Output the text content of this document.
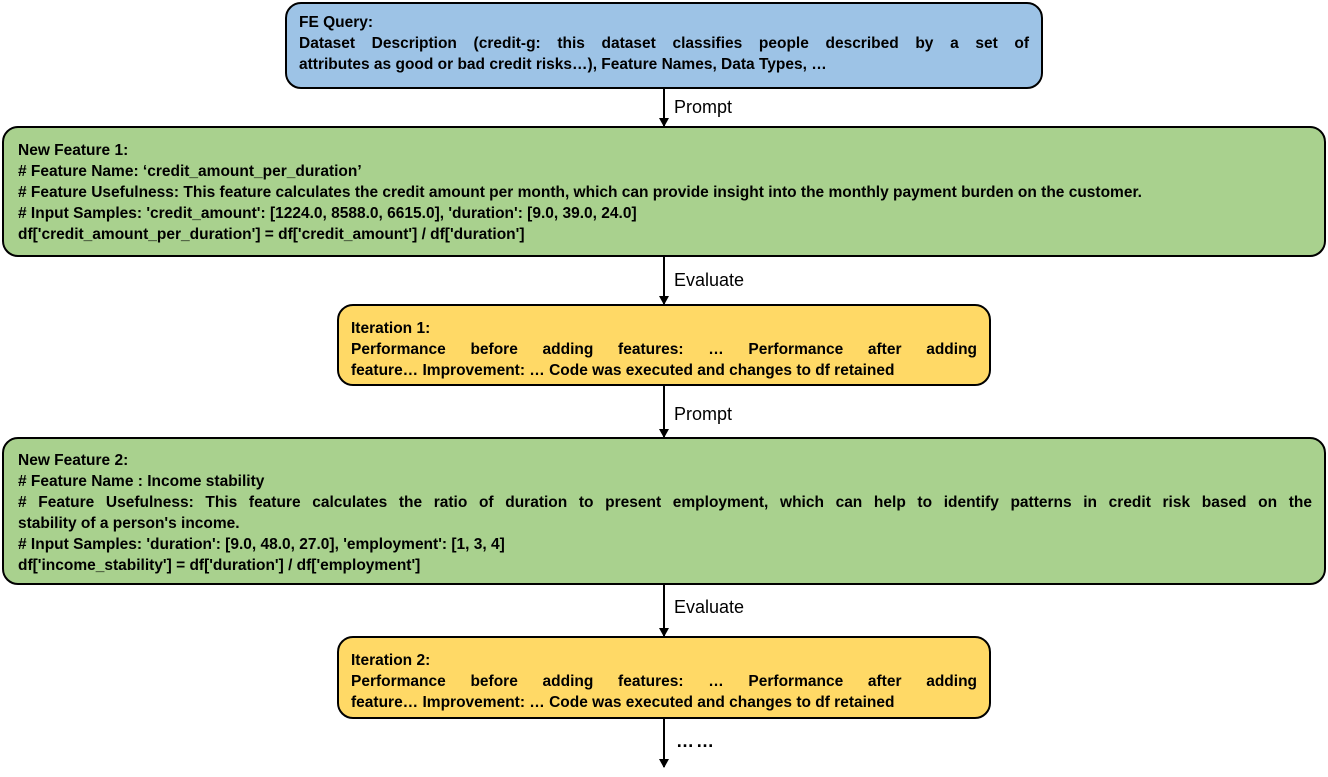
FE Query:
Dataset Description (credit-g: this dataset classifies people described by a set of
attributes as good or bad credit risks…), Feature Names, Data Types, …
Prompt
New Feature 1:
# Feature Name: ‘credit_amount_per_duration’
# Feature Usefulness: This feature calculates the credit amount per month, which can provide insight into the monthly payment burden on the customer.
# Input Samples: 'credit_amount': [1224.0, 8588.0, 6615.0], 'duration': [9.0, 39.0, 24.0]
df['credit_amount_per_duration'] = df['credit_amount'] / df['duration']
Evaluate
Iteration 1:
Performance before adding features: … Performance after adding
feature… Improvement: … Code was executed and changes to df retained
Prompt
New Feature 2:
# Feature Name : Income stability
# Feature Usefulness: This feature calculates the ratio of duration to present employment, which can help to identify patterns in credit risk based on the
stability of a person's income.
# Input Samples: 'duration': [9.0, 48.0, 27.0], 'employment': [1, 3, 4]
df['income_stability'] = df['duration'] / df['employment']
Evaluate
Iteration 2:
Performance before adding features: … Performance after adding
feature… Improvement: … Code was executed and changes to df retained
……
